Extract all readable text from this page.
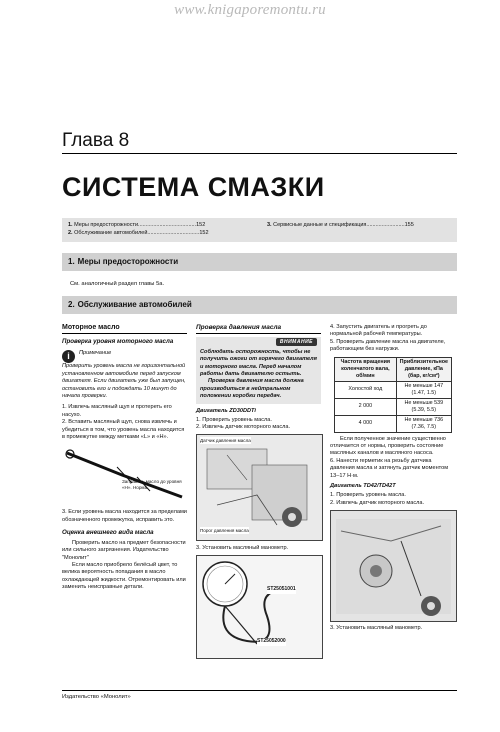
www.knigaporemontu.ru
Глава 8
СИСТЕМА СМАЗКИ
1. Меры предосторожности......................................152
2. Обслуживание автомобилей..................................152
3. Сервисные данные и спецификация.........................155
1. Меры предосторожности
См. аналогичный раздел главы 5а.
2. Обслуживание автомобилей
Моторное масло
Проверка уровня моторного масла
i	Примечание

Проверить уровень масла не горизонтальной установленном автомобиле перед запуском двигателя. Если двигатель уже был запущен, остановить его и подождать 10 минут до начала проверки.

1. Извлечь масляный щуп и протереть его насухо.

2. Вставить масляный щуп, снова извлечь и убедиться в том, что уровень масла находится в промежутке между метками «L» и «H».

Заправить масло до уровня «H». Норма

3. Если уровень масла находится за пределами обозначенного промежутка, исправить это.

Оценка внешнего вида масла

Проверить масло на предмет безопасности или сильного загрязнения. Издательство "Монолит"

Если масло приобрело белёсый цвет, то велика вероятность попадания в масло охлаждающей жидкости. Отремонтировать или заменить неисправные детали.

Проверка давления масла
ВНИМАНИЕ

Соблюдать осторожность, чтобы не получить ожоги от горячего двигателя и моторного масла. Перед началом работы дать двигателю остыть.

Проверка давления масла должна производиться в нейтральном положении коробки передач.

Двигатель ZD30DDTi

1. Проверить уровень масла.

2. Извлечь датчик моторного масла.

Датчик давления масла
Порог давления масла

3. Установить масляный манометр.

ST25051001
ST25052000

4. Запустить двигатель и прогреть до нормальной рабочей температуры.

5. Проверить давление масла на двигателе, работающем без нагрузки.

Частота вращения коленчатого вала, об/мин	Приблизительное давление, кПа (бар, кг/см²)
Холостой ход	Не меньше 147 (1.47, 1.5)
2 000	Не меньше 539 (5.39, 5.5)
4 000	Не меньше 736 (7.36, 7.5)

Если полученное значение существенно отличается от нормы, проверить состояние масляных каналов и масляного насоса.

6. Нанести герметик на резьбу датчика давления масла и затянуть датчик моментом 13–17 Н·м.

Двигатель TD42/TD42T

1. Проверить уровень масла.

2. Извлечь датчик моторного масла.

3. Установить масляный манометр.

Издательство «Монолит»
